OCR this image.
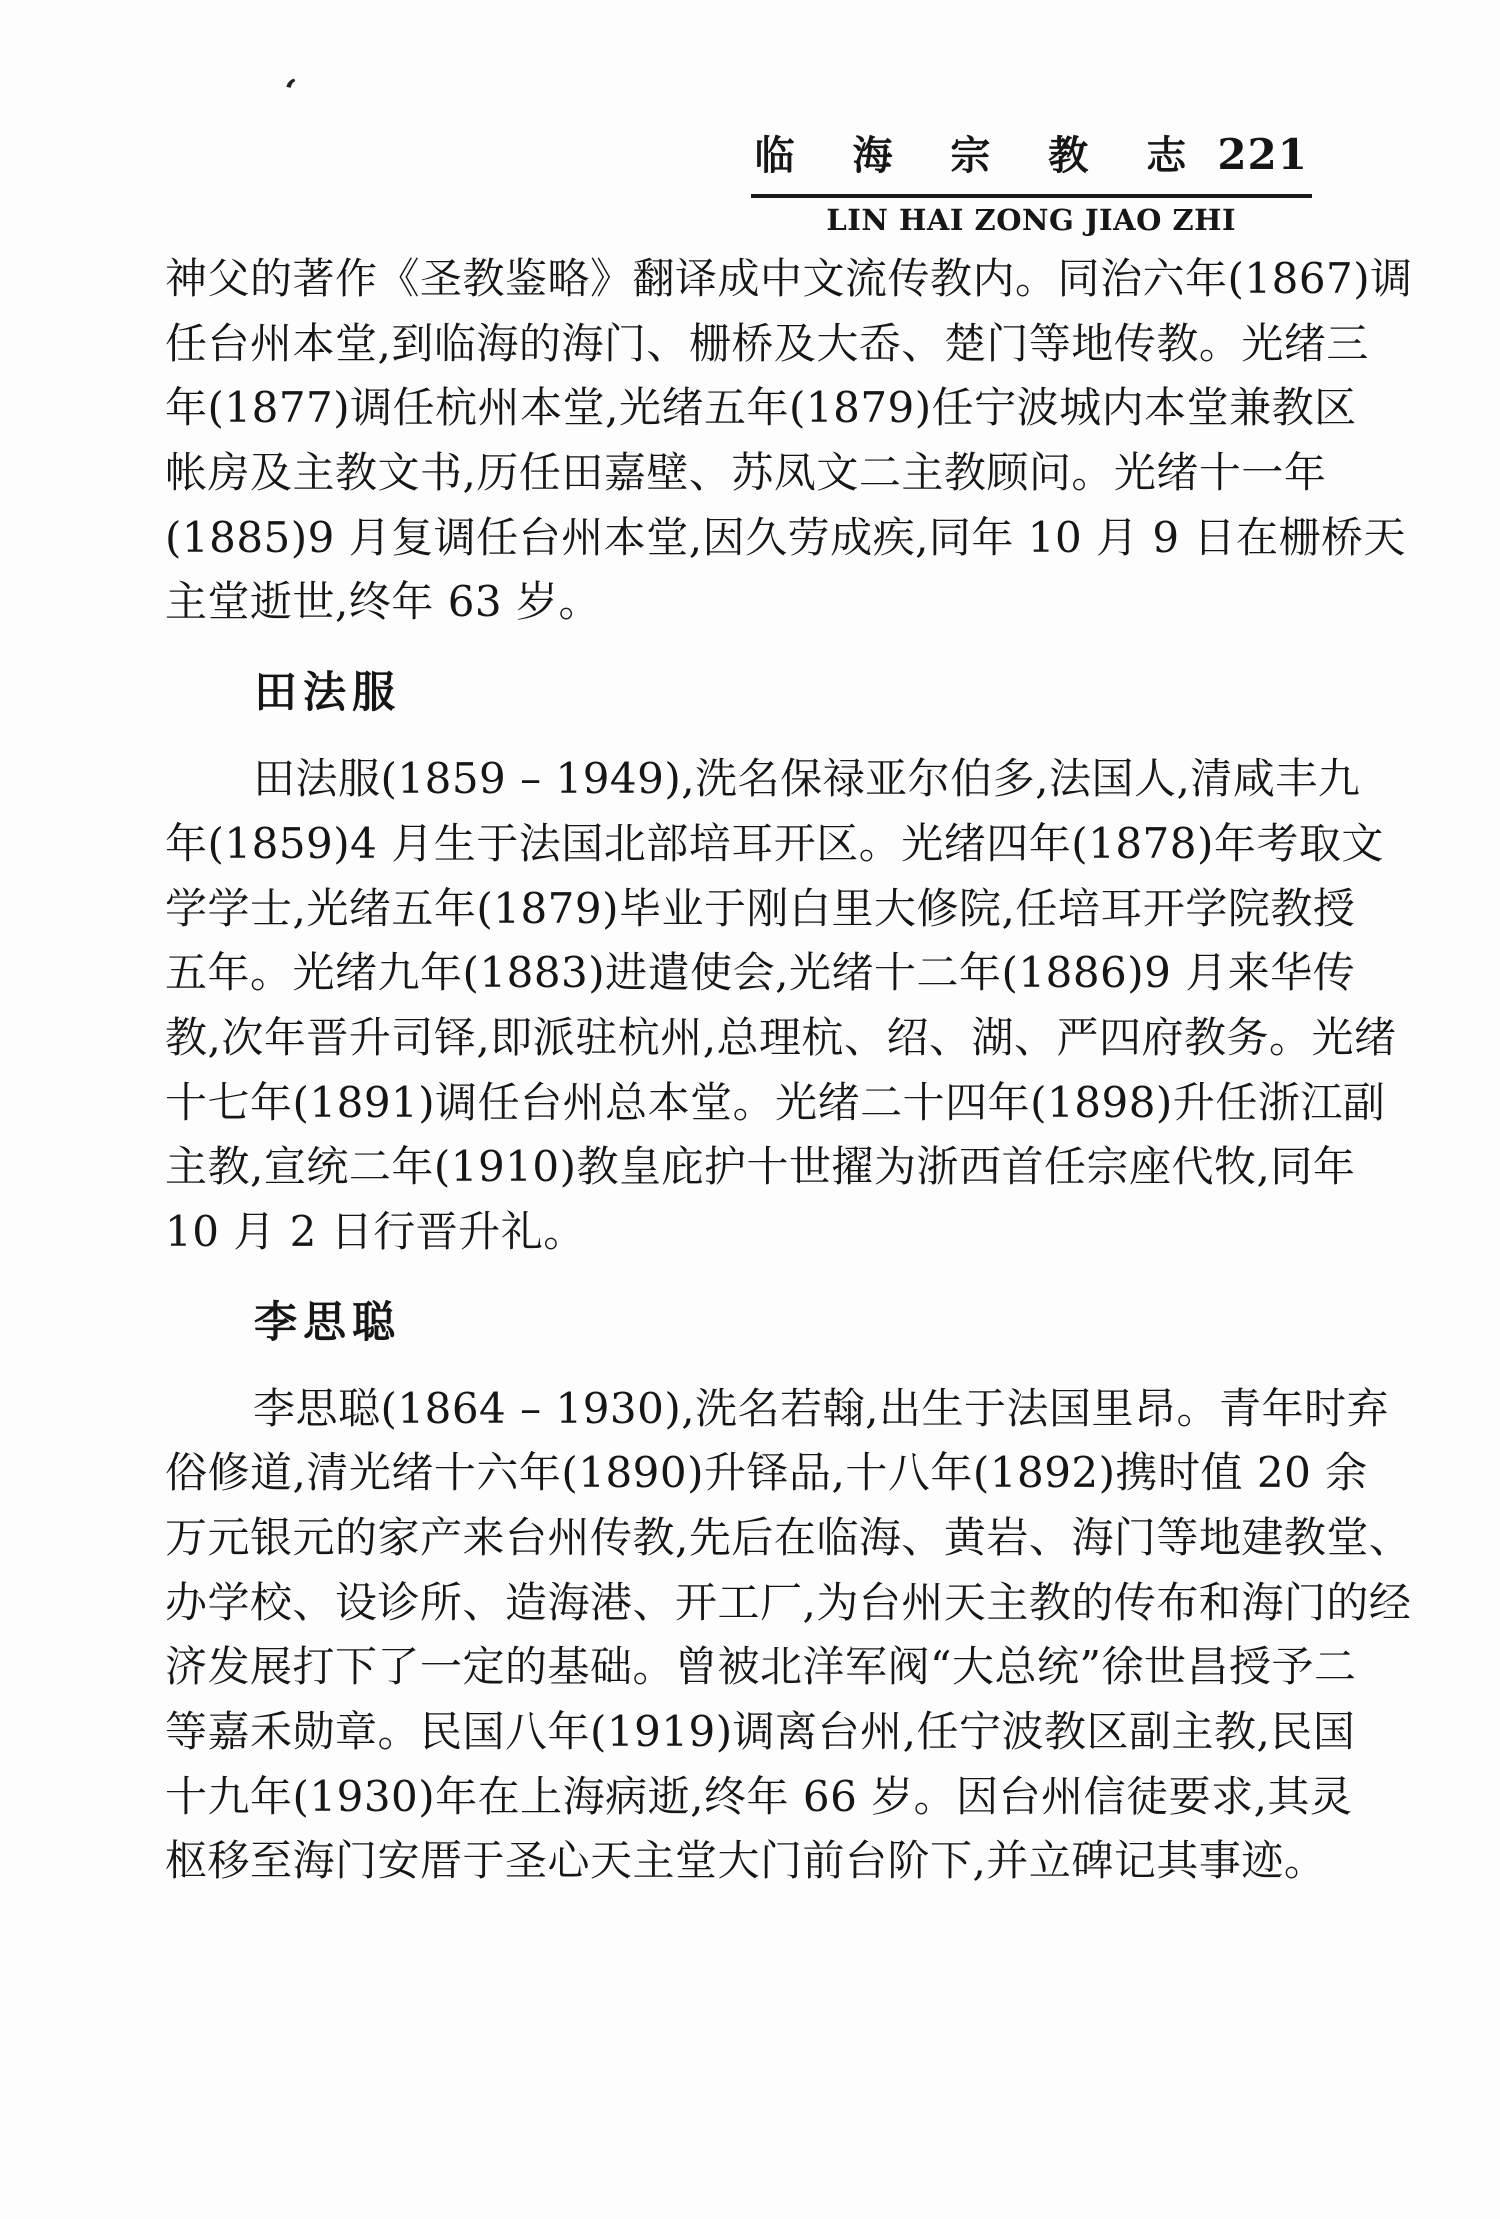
‘
临 海 宗 教 志 221
LIN HAI ZONG JIAO ZHI
神父的著作《圣教鉴略》翻译成中文流传教内。同治六年(1867)调
任台州本堂,到临海的海门、栅桥及大岙、楚门等地传教。光绪三
年(1877)调任杭州本堂,光绪五年(1879)任宁波城内本堂兼教区
帐房及主教文书,历任田嘉壁、苏凤文二主教顾问。光绪十一年
(1885)9 月复调任台州本堂,因久劳成疾,同年 10 月 9 日在栅桥天
主堂逝世,终年 63 岁。
田法服
田法服(1859 – 1949),洗名保禄亚尔伯多,法国人,清咸丰九
年(1859)4 月生于法国北部培耳开区。光绪四年(1878)年考取文
学学士,光绪五年(1879)毕业于刚白里大修院,任培耳开学院教授
五年。光绪九年(1883)进遣使会,光绪十二年(1886)9 月来华传
教,次年晋升司铎,即派驻杭州,总理杭、绍、湖、严四府教务。光绪
十七年(1891)调任台州总本堂。光绪二十四年(1898)升任浙江副
主教,宣统二年(1910)教皇庇护十世擢为浙西首任宗座代牧,同年
10 月 2 日行晋升礼。
李思聪
李思聪(1864 – 1930),洗名若翰,出生于法国里昂。青年时弃
俗修道,清光绪十六年(1890)升铎品,十八年(1892)携时值 20 余
万元银元的家产来台州传教,先后在临海、黄岩、海门等地建教堂、
办学校、设诊所、造海港、开工厂,为台州天主教的传布和海门的经
济发展打下了一定的基础。曾被北洋军阀“大总统”徐世昌授予二
等嘉禾勋章。民国八年(1919)调离台州,任宁波教区副主教,民国
十九年(1930)年在上海病逝,终年 66 岁。因台州信徒要求,其灵
枢移至海门安厝于圣心天主堂大门前台阶下,并立碑记其事迹。
